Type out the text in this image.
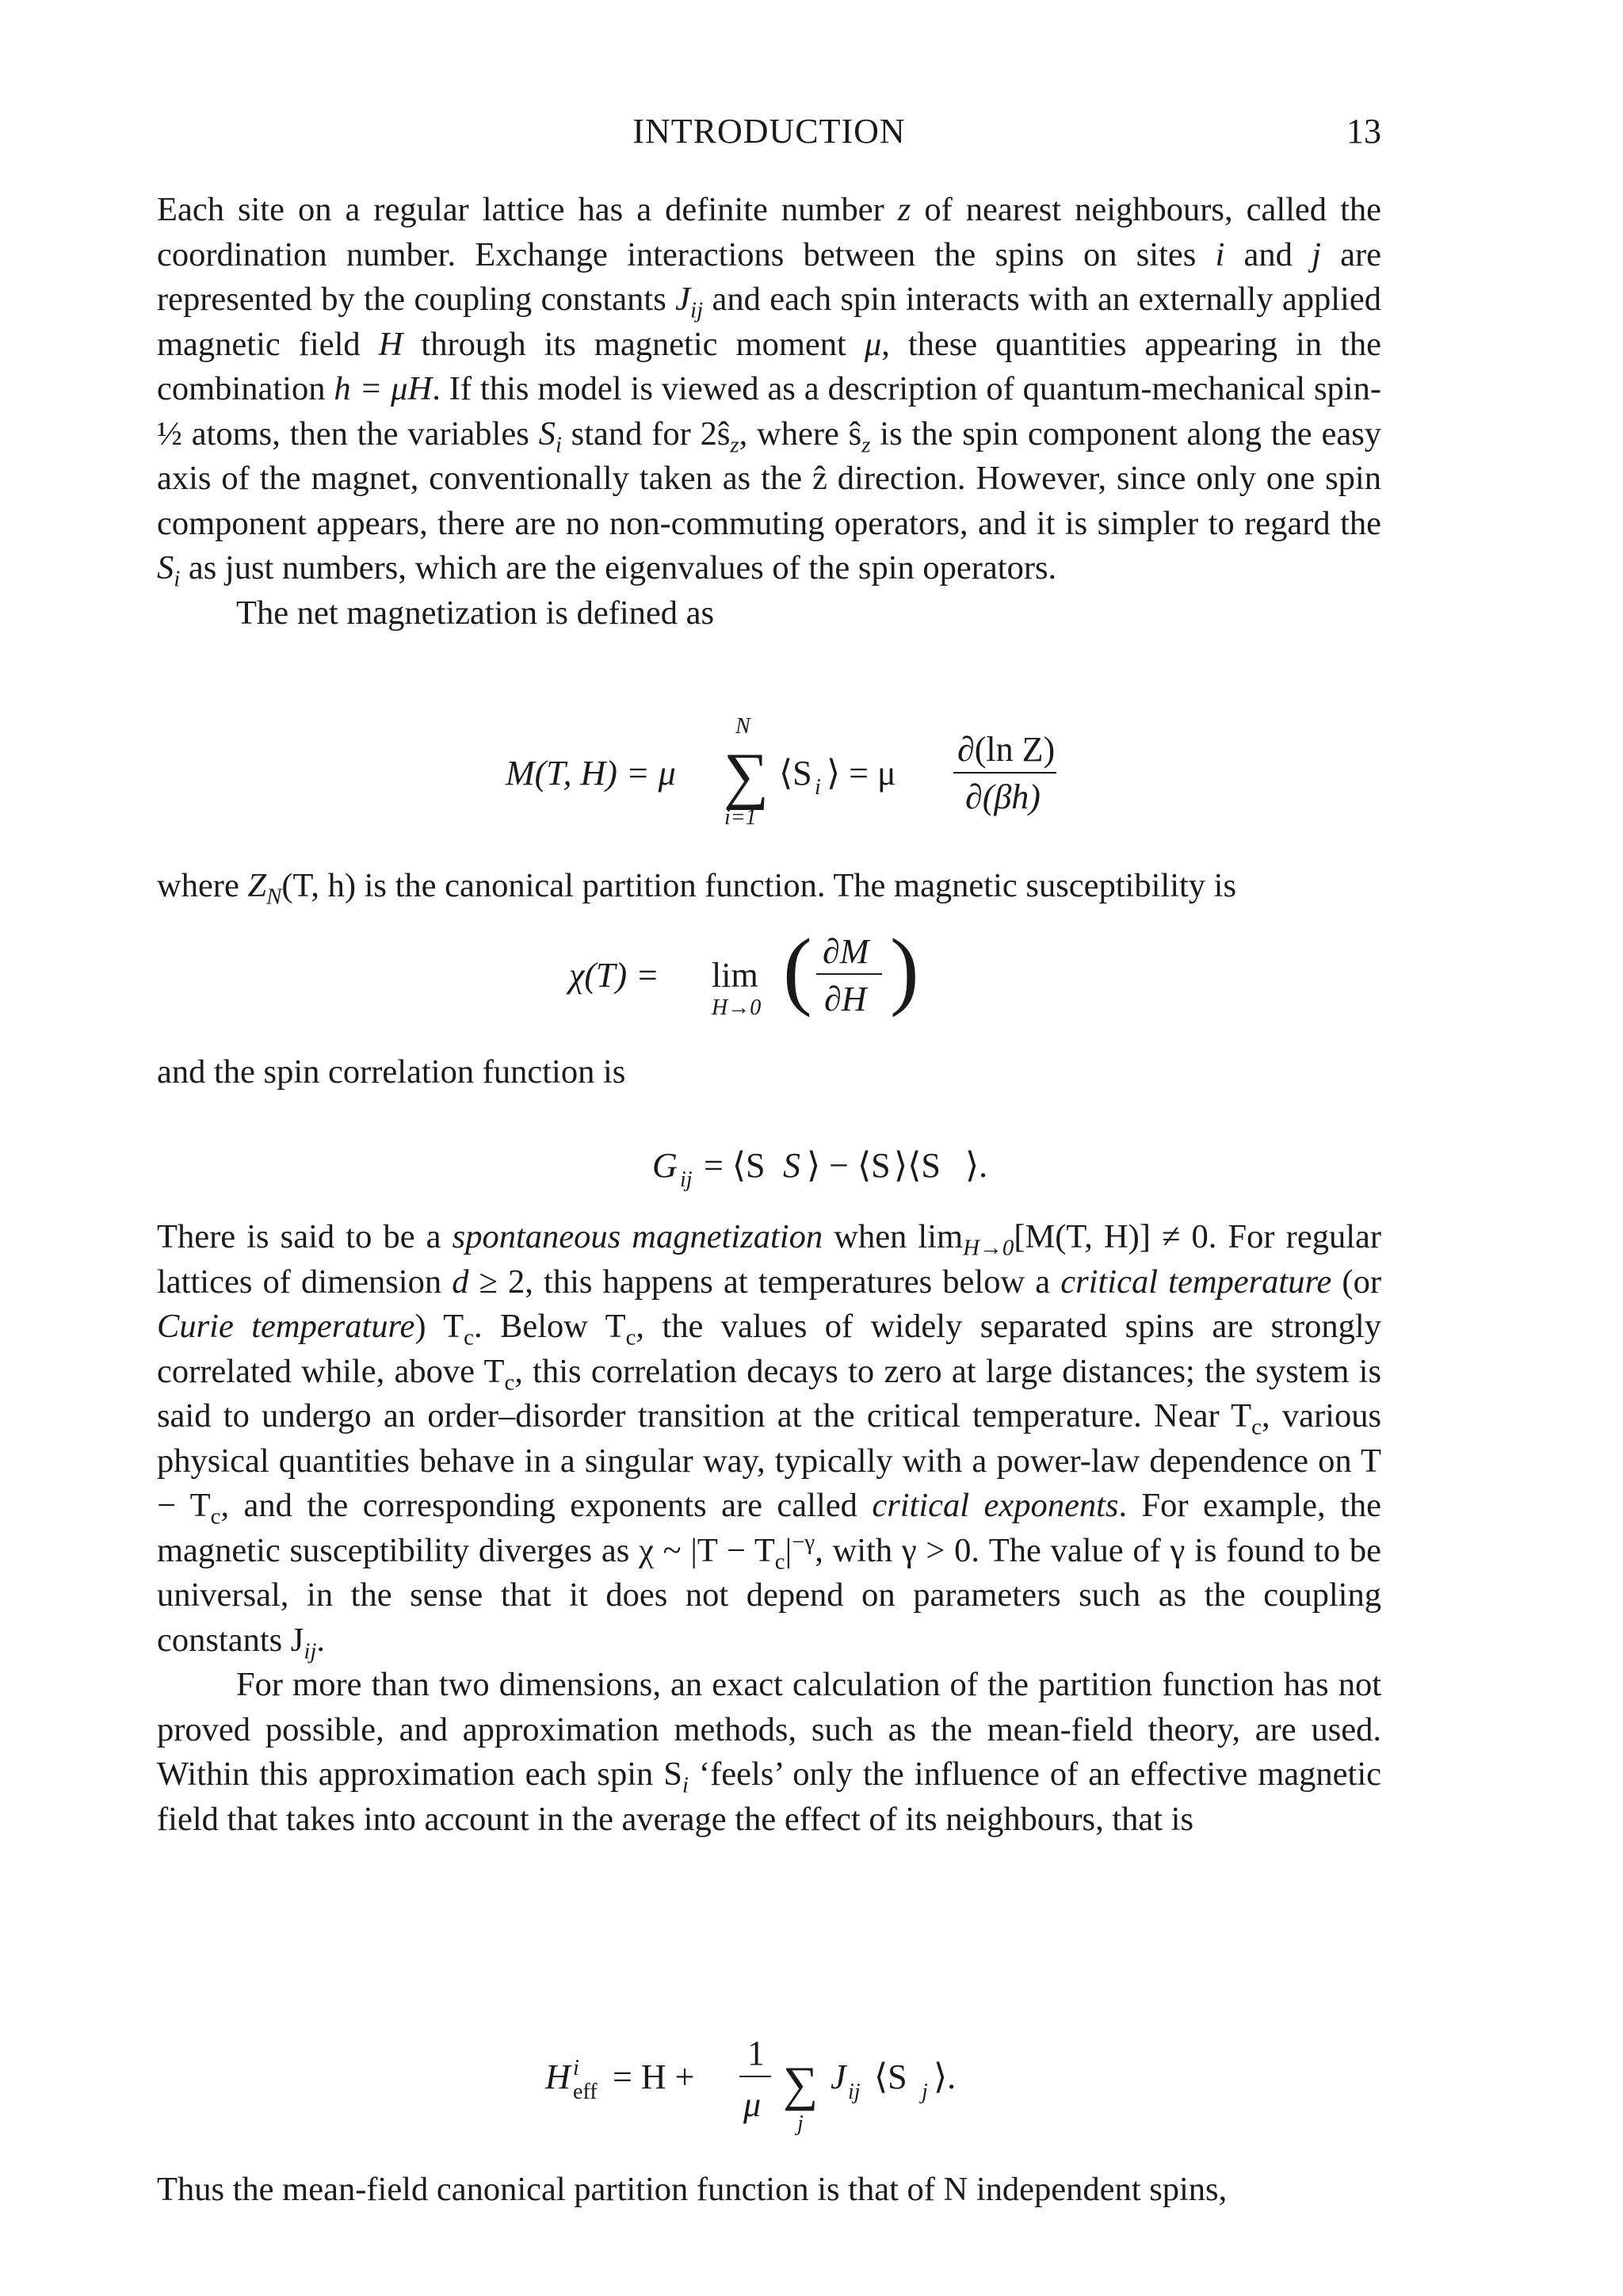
INTRODUCTION	13

Each site on a regular lattice has a definite number z of nearest neighbours, called the coordination number. Exchange interactions between the spins on sites i and j are represented by the coupling constants $J_{ij}$ and each spin interacts with an externally applied magnetic field H through its magnetic moment μ, these quantities appearing in the combination h = μH. If this model is viewed as a description of quantum-mechanical spin-½ atoms, then the variables $S_i$ stand for $2ŝ_z$, where $ŝ_z$ is the spin component along the easy axis of the magnet, conventionally taken as the ẑ direction. However, since only one spin component appears, there are no non-commuting operators, and it is simpler to regard the $S_i$ as just numbers, which are the eigenvalues of the spin operators.

The net magnetization is defined as

M(T, H) = μ ∑
N
i=1
⟨S i ⟩ = μ
∂(ln Z)
∂(βh)

where $Z_N(T$, h) is the canonical partition function. The magnetic susceptibility is

χ(T) = lim
H→0 ( ∂M
∂H )

and the spin correlation function is

G ij = ⟨S S ⟩ − ⟨S ⟩⟨S ⟩.

There is said to be a spontaneous magnetization when $\lim_{H\to 0}[M(T$, H)] ≠ 0. For regular lattices of dimension d ≥ 2, this happens at temperatures below a critical temperature (or Curie temperature) $T_c$. Below $T_c$, the values of widely separated spins are strongly correlated while, above $T_c$, this correlation decays to zero at large distances; the system is said to undergo an order–disorder transition at the critical temperature. Near $T_c$, various physical quantities behave in a singular way, typically with a power-law dependence on $T - T_c$, and the corresponding exponents are called critical exponents. For example, the magnetic susceptibility diverges as χ ~ $|T - T_c|^{-\gamma}$, with γ > 0. The value of γ is found to be universal, in the sense that it does not depend on parameters such as the coupling constants $J_{ij}$.

For more than two dimensions, an exact calculation of the partition function has not proved possible, and approximation methods, such as the mean-field theory, are used. Within this approximation each spin $S_i$ ‘feels’ only the influence of an effective magnetic field that takes into account in the average the effect of its neighbours, that is

H i
eff = H +
1
μ ∑
j
J ij ⟨S j ⟩.

Thus the mean-field canonical partition function is that of N independent spins,
